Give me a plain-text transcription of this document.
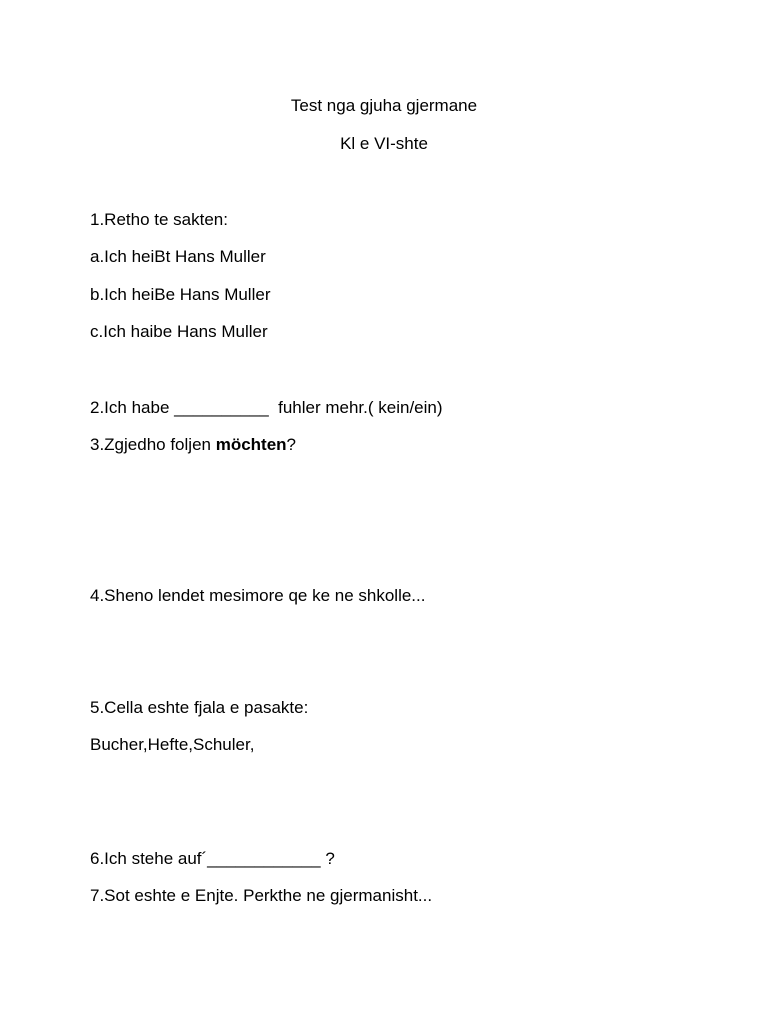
Test nga gjuha gjermane
Kl e VI-shte
1.Retho te sakten:
a.Ich heiBt Hans Muller
b.Ich heiBe Hans Muller
c.Ich haibe Hans Muller
2.Ich habe __________  fuhler mehr.( kein/ein)
3.Zgjedho foljen möchten?
4.Sheno lendet mesimore qe ke ne shkolle...
5.Cella eshte fjala e pasakte:
Bucher,Hefte,Schuler,
6.Ich stehe auf´____________ ?
7.Sot eshte e Enjte. Perkthe ne gjermanisht...
